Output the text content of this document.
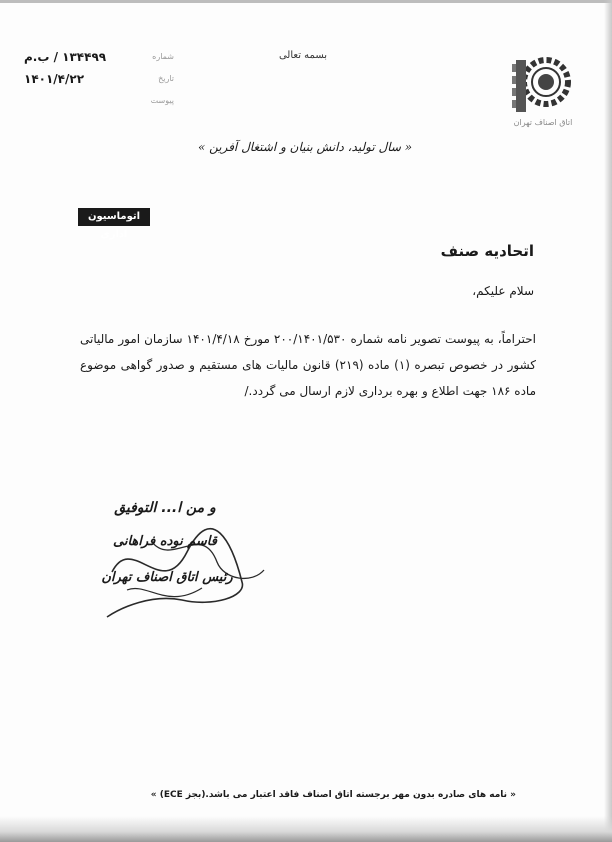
۱۳۴۴۹۹ / ب.م	شماره
۱۴۰۱/۴/۲۲	تاریخ
پیوست
بسمه تعالی
اتاق اصناف تهران
« سال تولید، دانش بنیان و اشتغال آفرین »
اتوماسیون اداری
اتحادیه صنف
سلام علیکم،
احتراماً، به پیوست تصویر نامه شماره ۲۰۰/۱۴۰۱/۵۳۰ مورخ ۱۴۰۱/۴/۱۸ سازمان امور مالیاتی کشور در خصوص تبصره (۱) ماده (۲۱۹) قانون مالیات های مستقیم و صدور گواهی موضوع ماده ۱۸۶ جهت اطلاع و بهره برداری لازم ارسال می گردد./
و من ا... التوفیق
قاسم نوده فراهانی
رئیس اتاق اصناف تهران
« نامه های صادره بدون مهر برجسته اتاق اصناف فاقد اعتبار می باشد.(بجز ECE) »
